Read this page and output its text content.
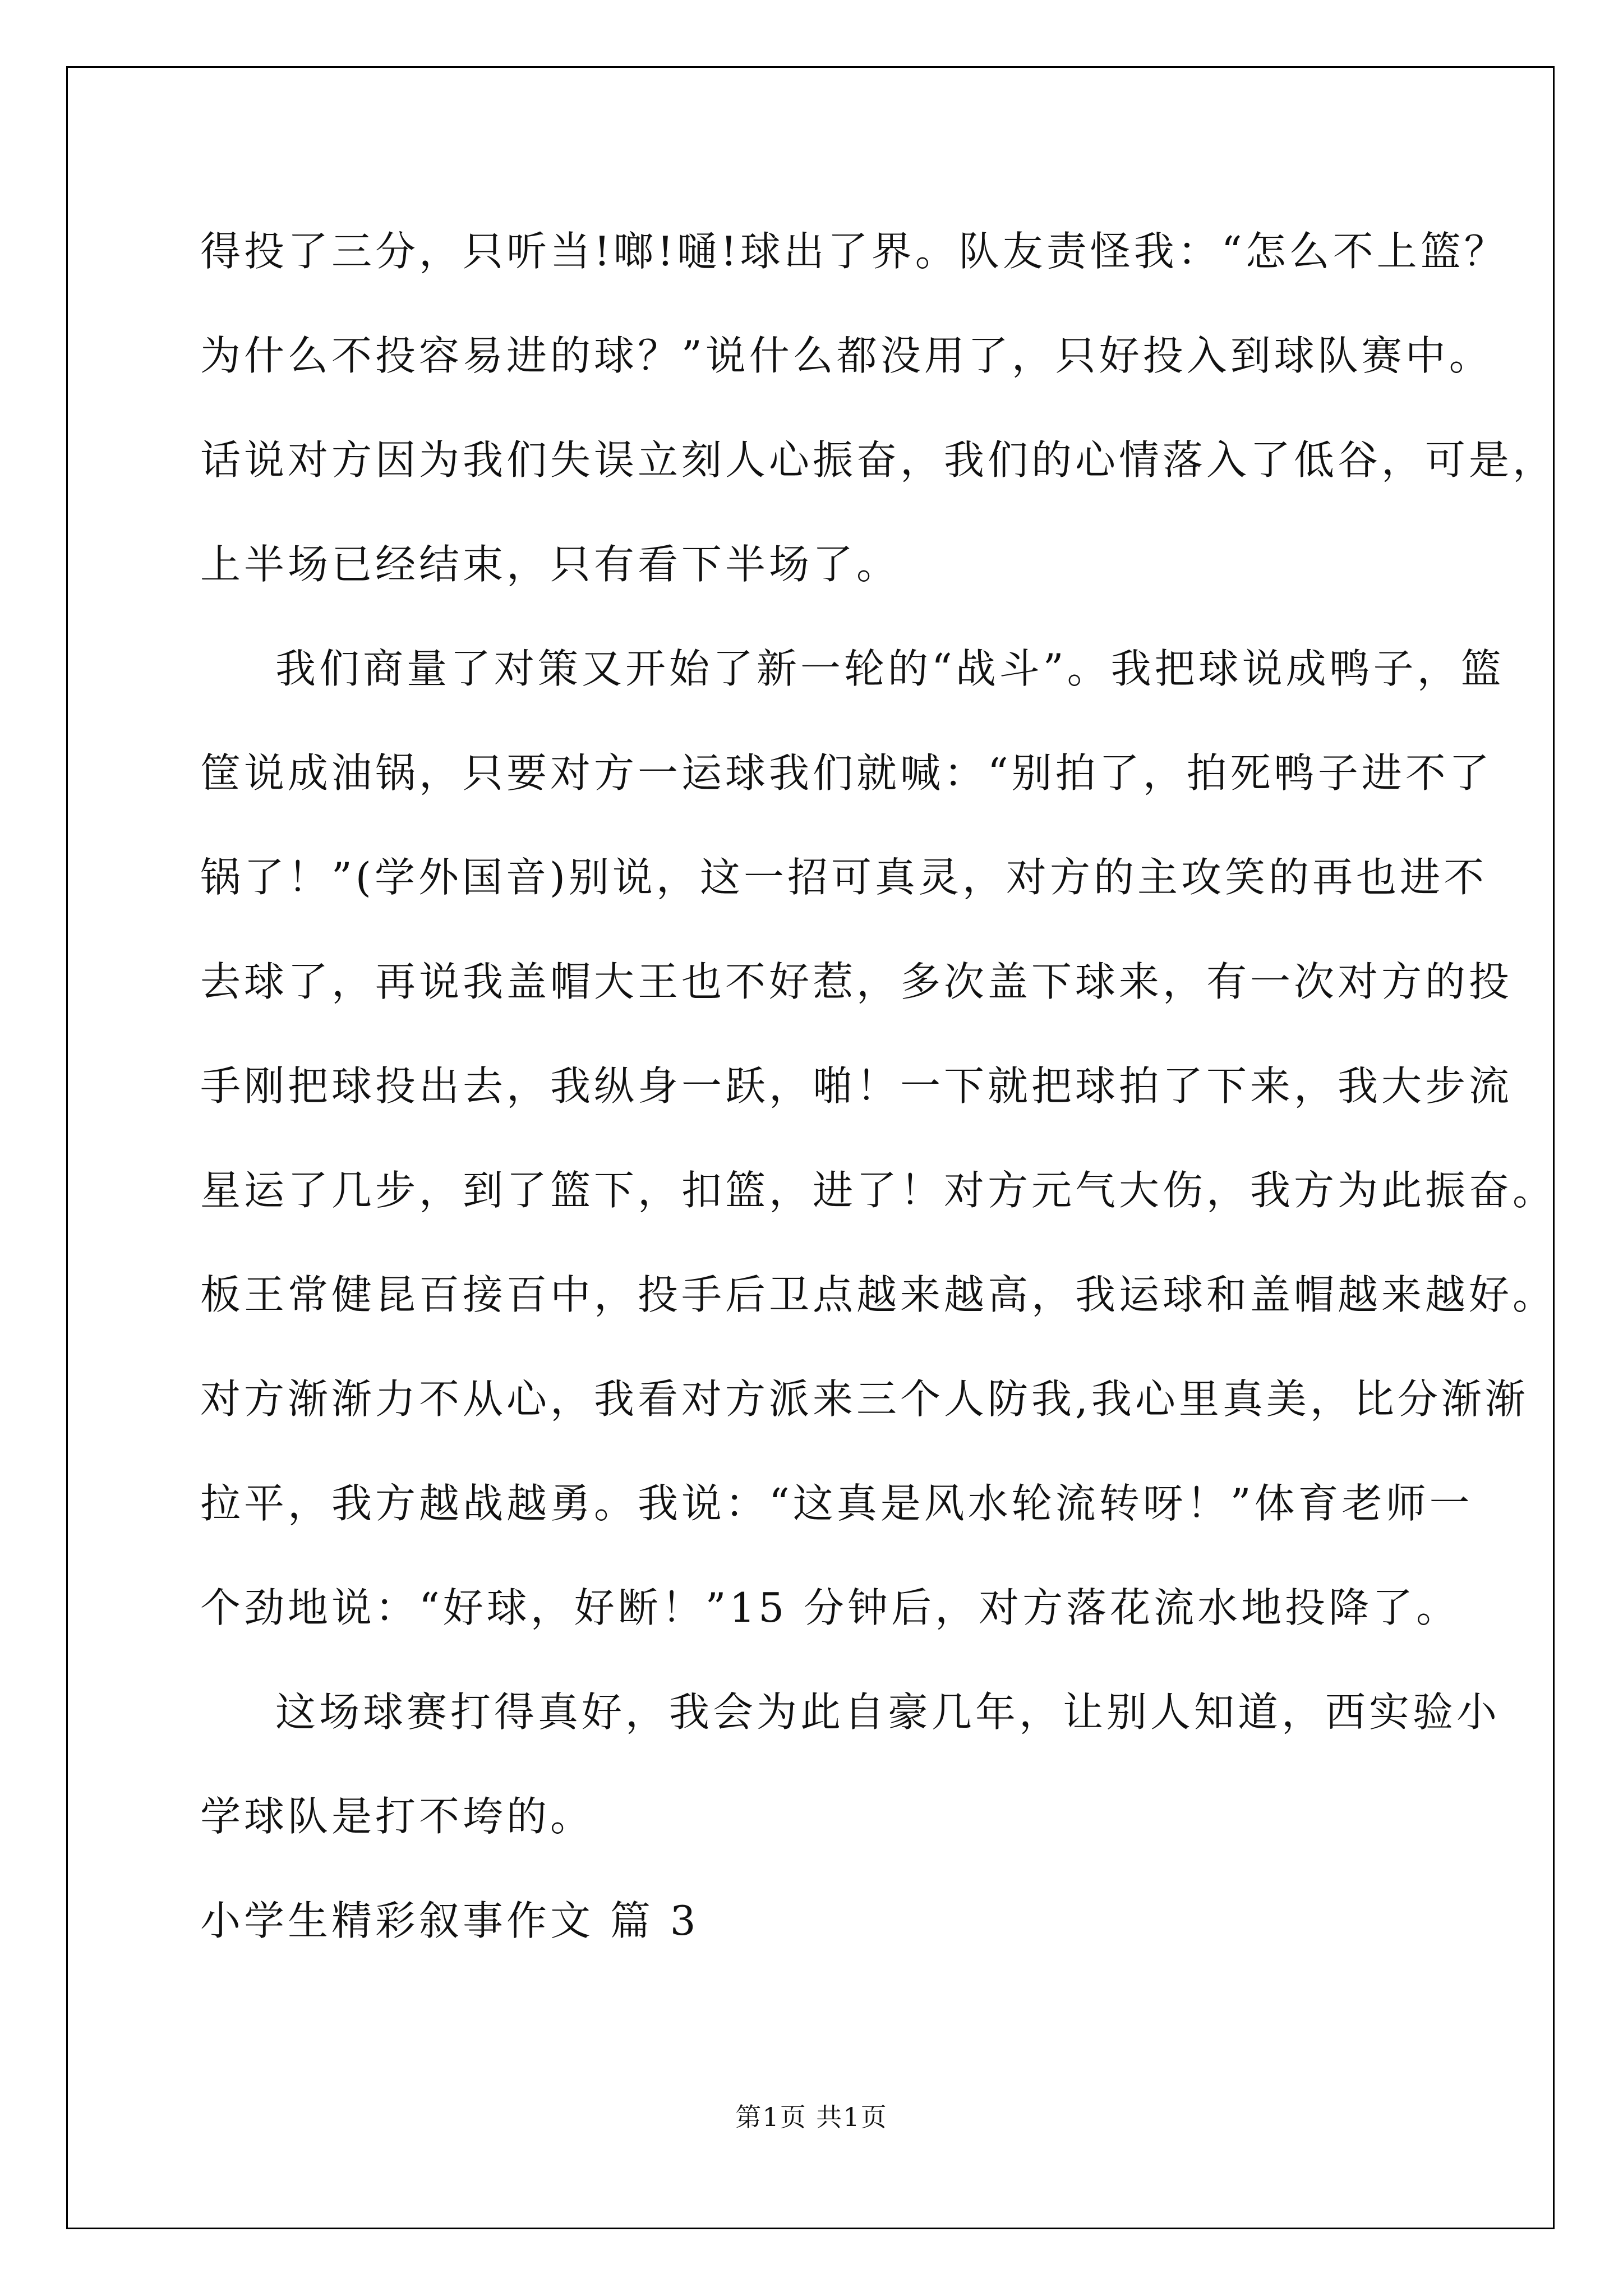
得投了三分，只听当!啷!嗵!球出了界。队友责怪我：“怎么不上篮？
为什么不投容易进的球？”说什么都没用了，只好投入到球队赛中。
话说对方因为我们失误立刻人心振奋，我们的心情落入了低谷，可是，
上半场已经结束，只有看下半场了。
我们商量了对策又开始了新一轮的“战斗”。我把球说成鸭子，篮
筐说成油锅，只要对方一运球我们就喊：“别拍了，拍死鸭子进不了
锅了！”(学外国音)别说，这一招可真灵，对方的主攻笑的再也进不
去球了，再说我盖帽大王也不好惹，多次盖下球来，有一次对方的投
手刚把球投出去，我纵身一跃，啪！一下就把球拍了下来，我大步流
星运了几步，到了篮下，扣篮，进了！对方元气大伤，我方为此振奋。
板王常健昆百接百中，投手后卫点越来越高，我运球和盖帽越来越好。
对方渐渐力不从心，我看对方派来三个人防我,我心里真美，比分渐渐
拉平，我方越战越勇。我说：“这真是风水轮流转呀！”体育老师一
个劲地说：“好球，好断！”15 分钟后，对方落花流水地投降了。
这场球赛打得真好，我会为此自豪几年，让别人知道，西实验小
学球队是打不垮的。
小学生精彩叙事作文 篇 3
第1页 共1页
